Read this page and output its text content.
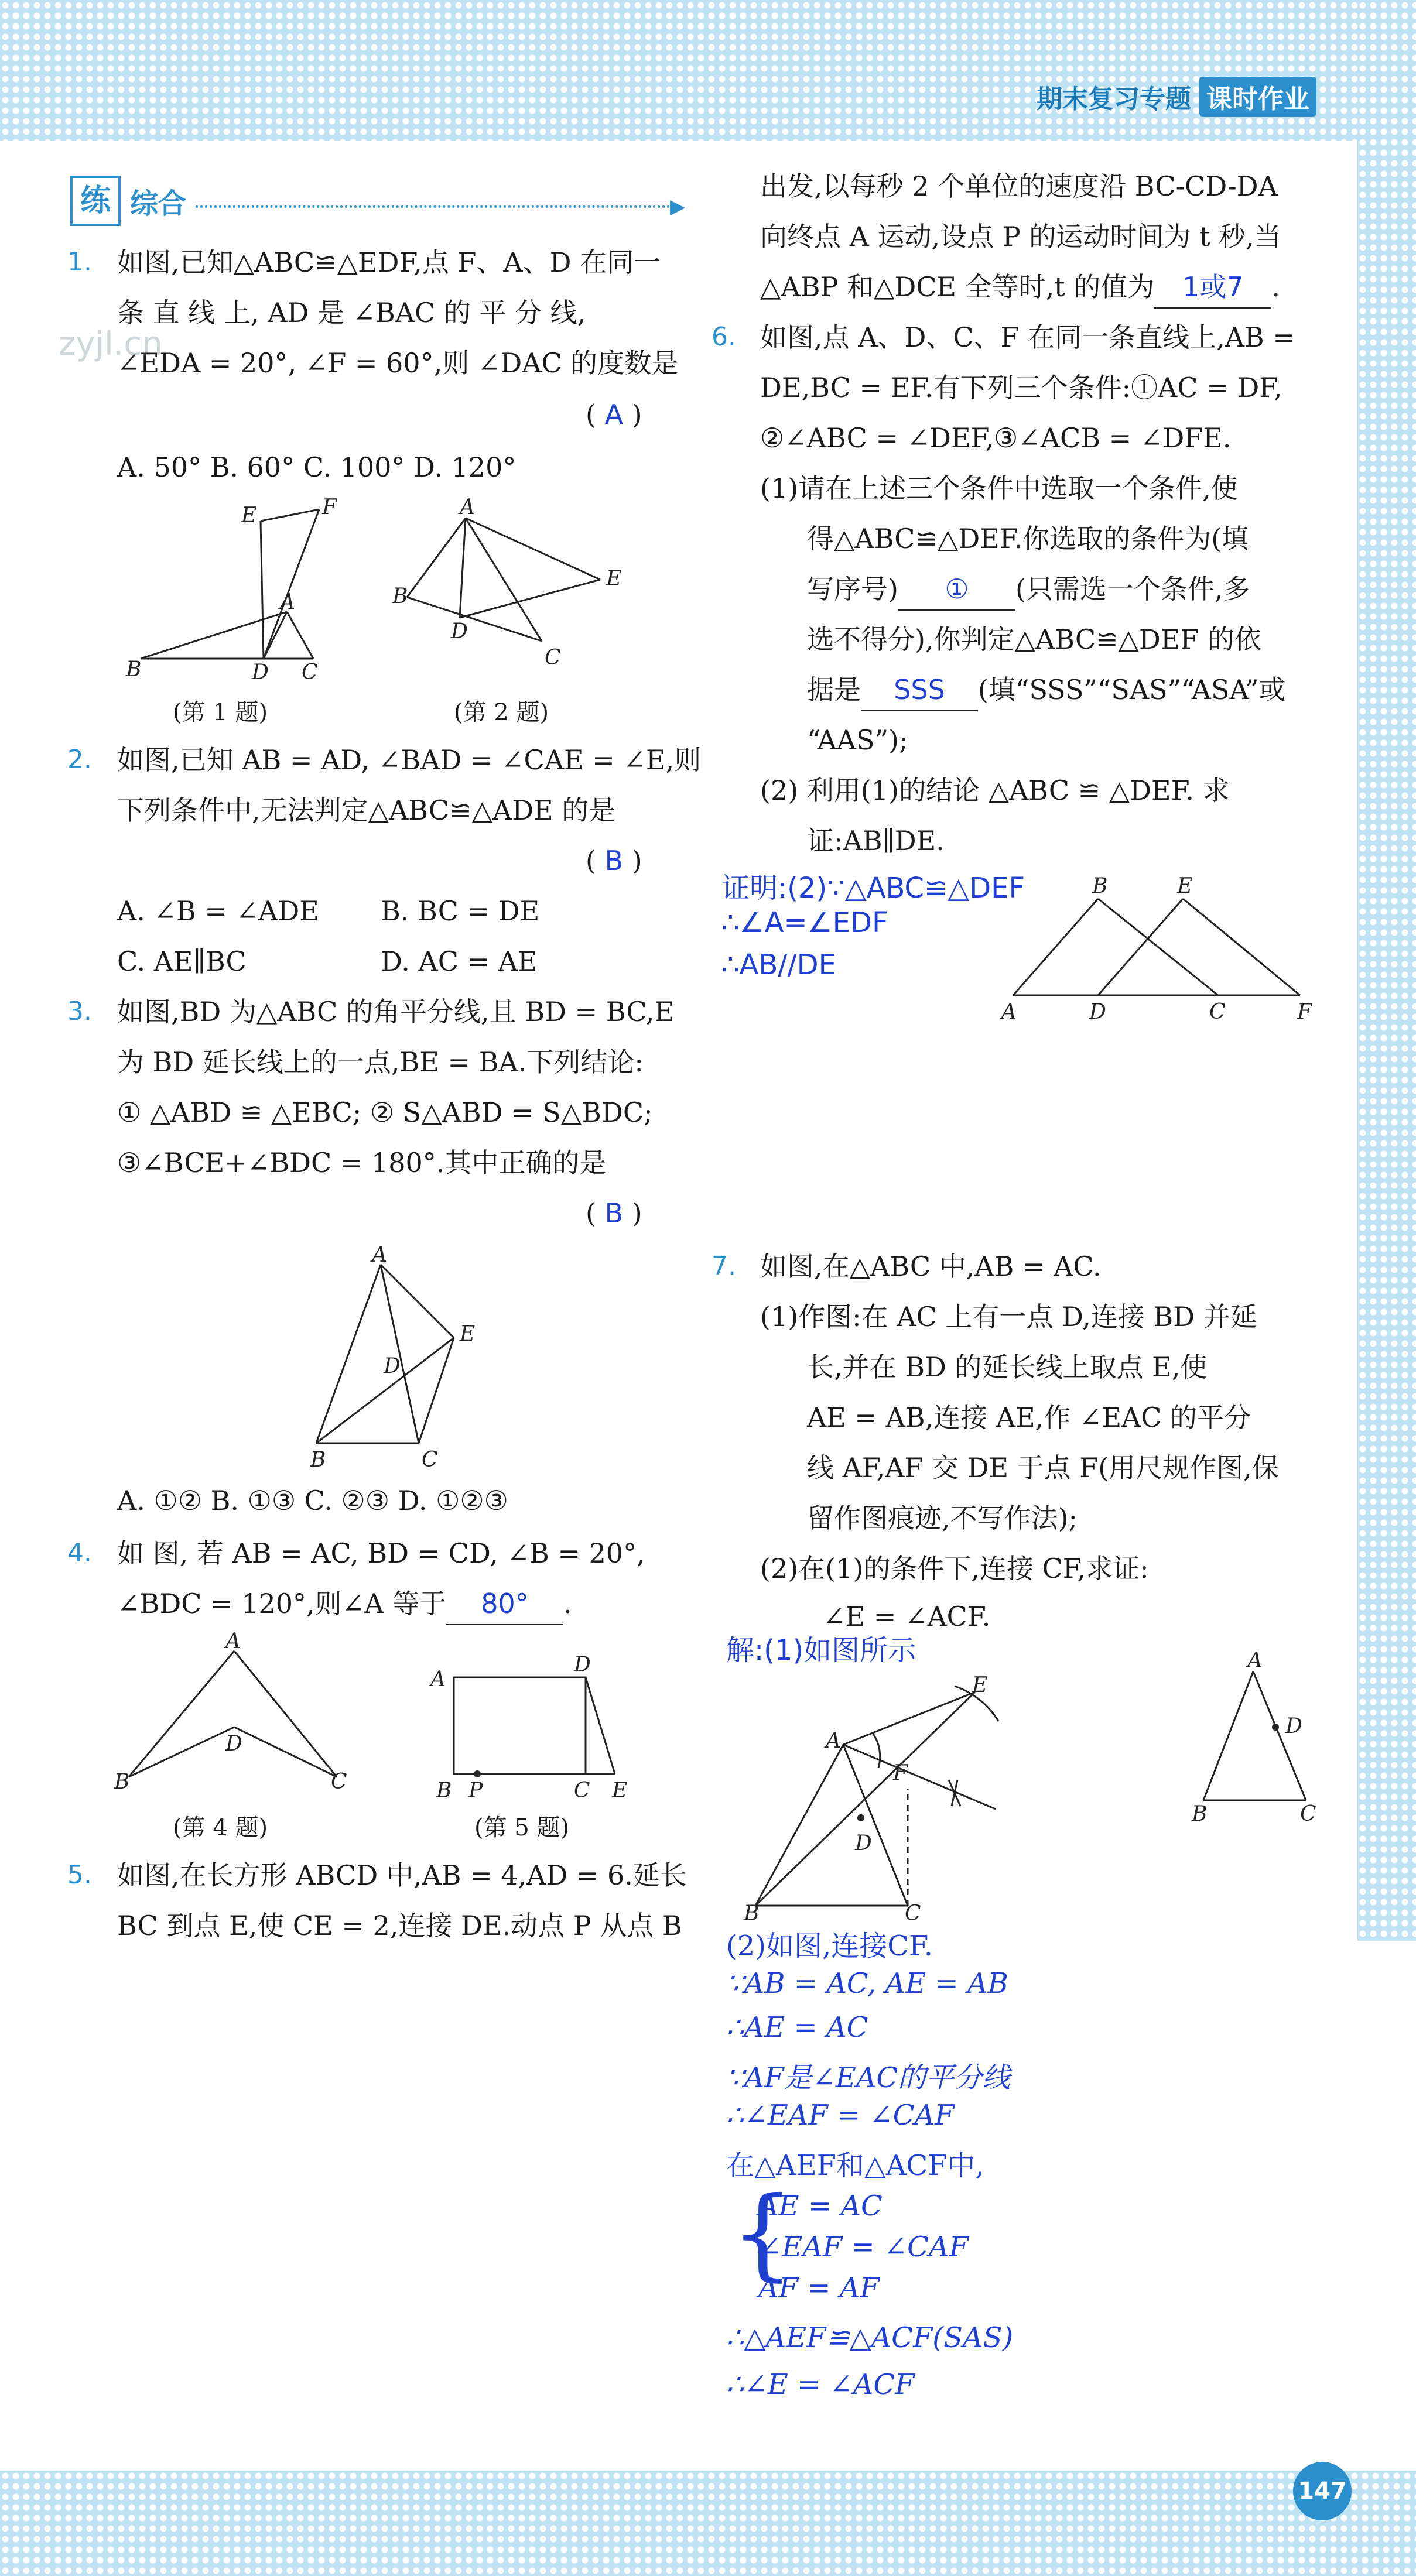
期末复习专题 课时作业
练 综合	▶
zyjl.cn
1. 如图,已知△ABC≌△EDF,点 F、A、D 在同一
条 直 线 上, AD 是 ∠BAC 的 平 分 线,
∠EDA = 20°, ∠F = 60°,则 ∠DAC 的度数是
( A )
A. 50° B. 60° C. 100° D. 120°
E	F
A
B	D C
(第 1 题)
A
B
E
D
C
(第 2 题)
2. 如图,已知 AB = AD, ∠BAD = ∠CAE = ∠E,则
下列条件中,无法判定△ABC≌△ADE 的是
( B )
A. ∠B = ∠ADE B. BC = DE
C. AE∥BC	D. AC = AE
3. 如图,BD 为△ABC 的角平分线,且 BD = BC,E
为 BD 延长线上的一点,BE = BA.下列结论:
① △ABD ≌ △EBC; ② S△ABD = S△BDC;
③∠BCE+∠BDC = 180°.其中正确的是
( B )
A
E
D
B	C
A. ①② B. ①③ C. ②③ D. ①②③
4. 如 图, 若 AB = AC, BD = CD, ∠B = 20°,
∠BDC = 120°,则∠A 等于 80° .
A
D
B	C
(第 4 题)
A
D
B P	C E
(第 5 题)
5. 如图,在长方形 ABCD 中,AB = 4,AD = 6.延长
BC 到点 E,使 CE = 2,连接 DE.动点 P 从点 B
出发,以每秒 2 个单位的速度沿 BC-CD-DA
向终点 A 运动,设点 P 的运动时间为 t 秒,当
△ABP 和△DCE 全等时,t 的值为 1或7 .
6. 如图,点 A、D、C、F 在同一条直线上,AB =
DE,BC = EF.有下列三个条件:①AC = DF,
②∠ABC = ∠DEF,③∠ACB = ∠DFE.
(1)请在上述三个条件中选取一个条件,使
得△ABC≌△DEF.你选取的条件为(填
写序号) ① (只需选一个条件,多
选不得分),你判定△ABC≌△DEF 的依
据是 SSS (填“SSS”“SAS”“ASA”或
“AAS”);
(2) 利用(1)的结论 △ABC ≌ △DEF. 求
证:AB∥DE.
证明:(2)∵△ABC≌△DEF
∴∠A=∠EDF
∴AB//DE
B	E
A	D	C	F
7. 如图,在△ABC 中,AB = AC.
(1)作图:在 AC 上有一点 D,连接 BD 并延
长,并在 BD 的延长线上取点 E,使
AE = AB,连接 AE,作 ∠EAC 的平分
线 AF,AF 交 DE 于点 F(用尺规作图,保
留作图痕迹,不写作法);
(2)在(1)的条件下,连接 CF,求证:
∠E = ∠ACF.
解:(1)如图所示
A
E
F
D
B	C
A
D
B	C
(2)如图,连接CF.
∵AB = AC, AE = AB
∴AE = AC
∵AF是∠EAC的平分线
∴∠EAF = ∠CAF
在△AEF和△ACF中,
{
AE = AC
∠EAF = ∠CAF
AF = AF
∴△AEF≌△ACF(SAS)
∴∠E = ∠ACF
147
